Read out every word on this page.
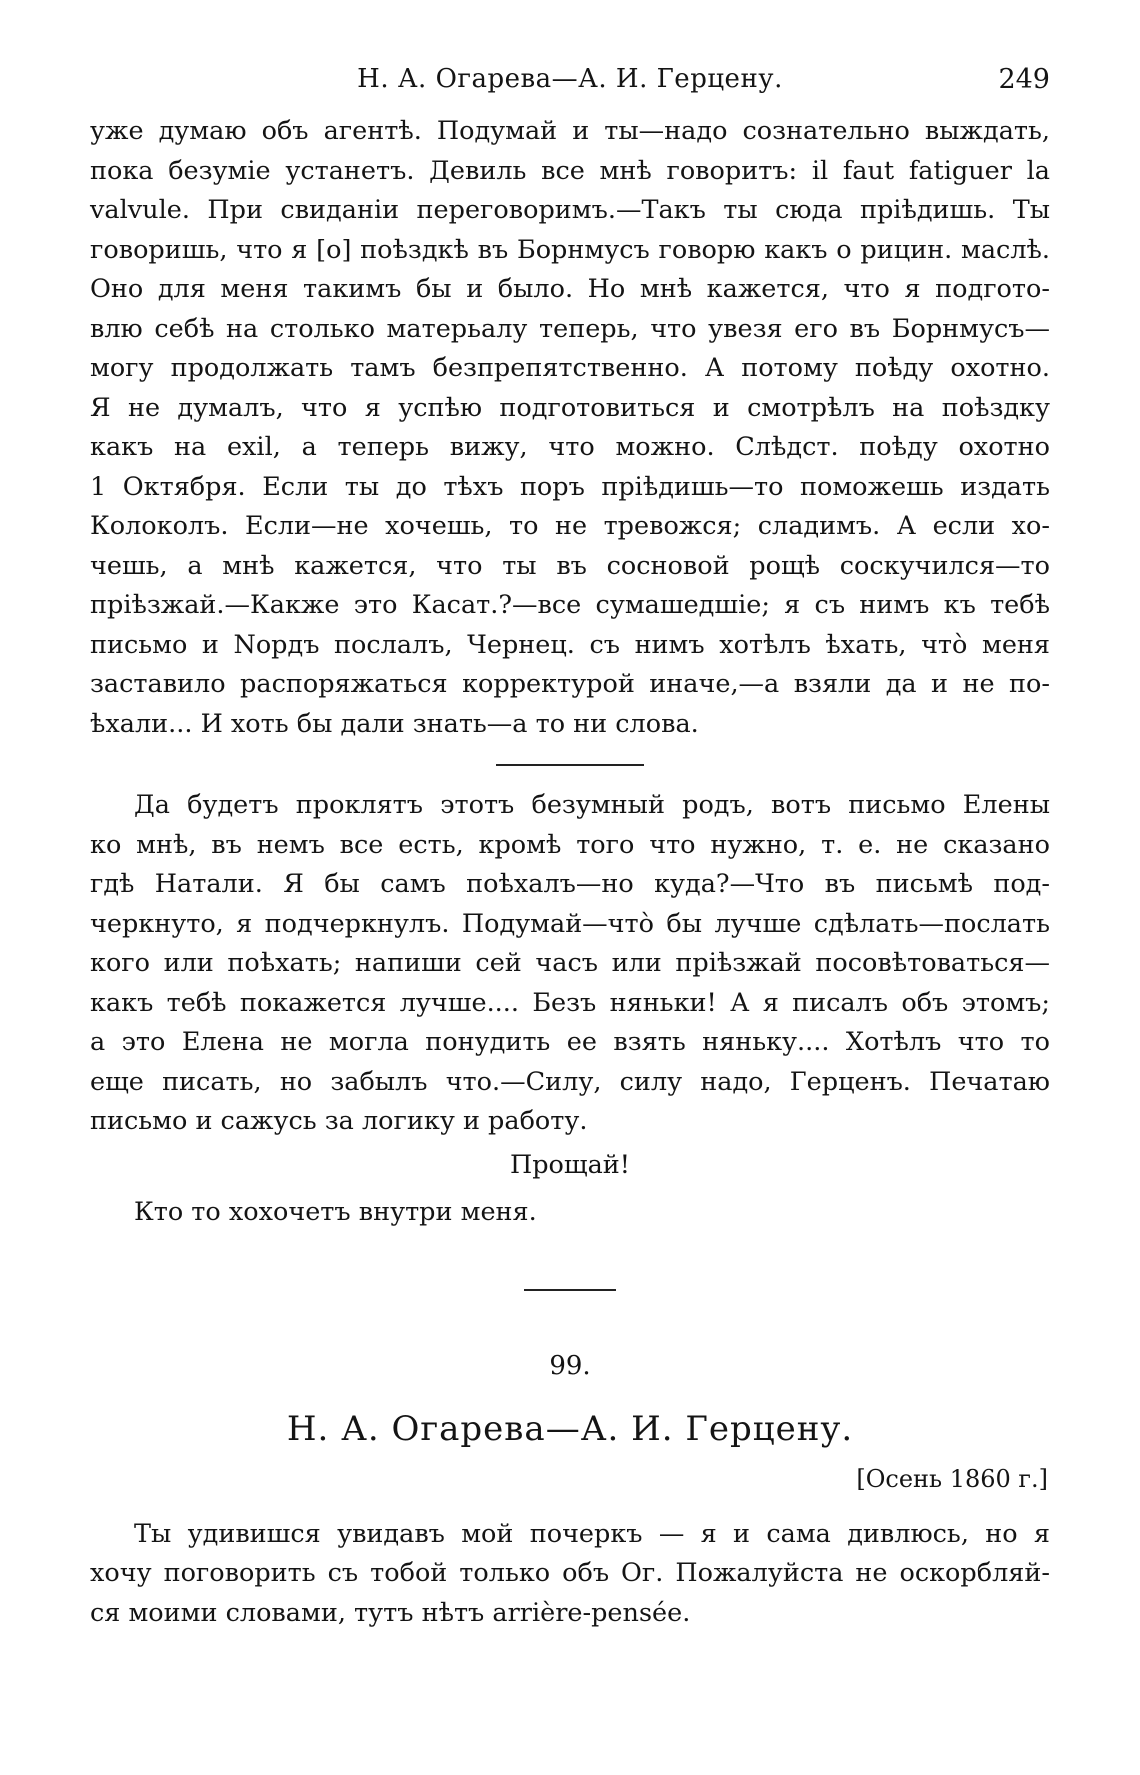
Н. А. Огарева—А. И. Герцену.	249
уже думаю объ агентѣ. Подумай и ты—надо сознательно выждать,
пока безуміе устанетъ. Девиль все мнѣ говоритъ: il faut fatiguer la
valvule. При свиданіи переговоримъ.—Такъ ты сюда пріѣдишь. Ты
говоришь, что я [о] поѣздкѣ въ Борнмусъ говорю какъ о рицин. маслѣ.
Оно для меня такимъ бы и было. Но мнѣ кажется, что я подгото-
влю себѣ на столько матерьалу теперь, что увезя его въ Борнмусъ—
могу продолжать тамъ безпрепятственно. А потому поѣду охотно.
Я не думалъ, что я успѣю подготовиться и смотрѣлъ на поѣздку
какъ на exil, а теперь вижу, что можно. Слѣдст. поѣду охотно
1 Октября. Если ты до тѣхъ поръ пріѣдишь—то поможешь издать
Колоколъ. Если—не хочешь, то не тревожся; сладимъ. А если хо-
чешь, а мнѣ кажется, что ты въ сосновой рощѣ соскучился—то
пріѣзжай.—Какже это Касат.?—все сумашедшіе; я съ нимъ къ тебѣ
письмо и Nордъ послалъ, Чернец. съ нимъ хотѣлъ ѣхать, что̀ меня
заставило распоряжаться корректурой иначе,—а взяли да и не по-
ѣхали... И хоть бы дали знать—а то ни слова.
Да будетъ проклятъ этотъ безумный родъ, вотъ письмо Елены
ко мнѣ, въ немъ все есть, кромѣ того что нужно, т. е. не сказано
гдѣ Натали. Я бы самъ поѣхалъ—но куда?—Что въ письмѣ под-
черкнуто, я подчеркнулъ. Подумай—что̀ бы лучше сдѣлать—послать
кого или поѣхать; напиши сей часъ или пріѣзжай посовѣтоваться—
какъ тебѣ покажется лучше.... Безъ няньки! А я писалъ объ этомъ;
а это Елена не могла понудить ее взять няньку.... Хотѣлъ что то
еще писать, но забылъ что.—Силу, силу надо, Герценъ. Печатаю
письмо и сажусь за логику и работу.
Прощай!
Кто то хохочетъ внутри меня.
99.
Н. А. Огарева—А. И. Герцену.
[Осень 1860 г.]
Ты удивишся увидавъ мой почеркъ — я и сама дивлюсь, но я
хочу поговорить съ тобой только объ Ог. Пожалуйста не оскорбляй-
ся моими словами, тутъ нѣтъ arrière-pensée.
